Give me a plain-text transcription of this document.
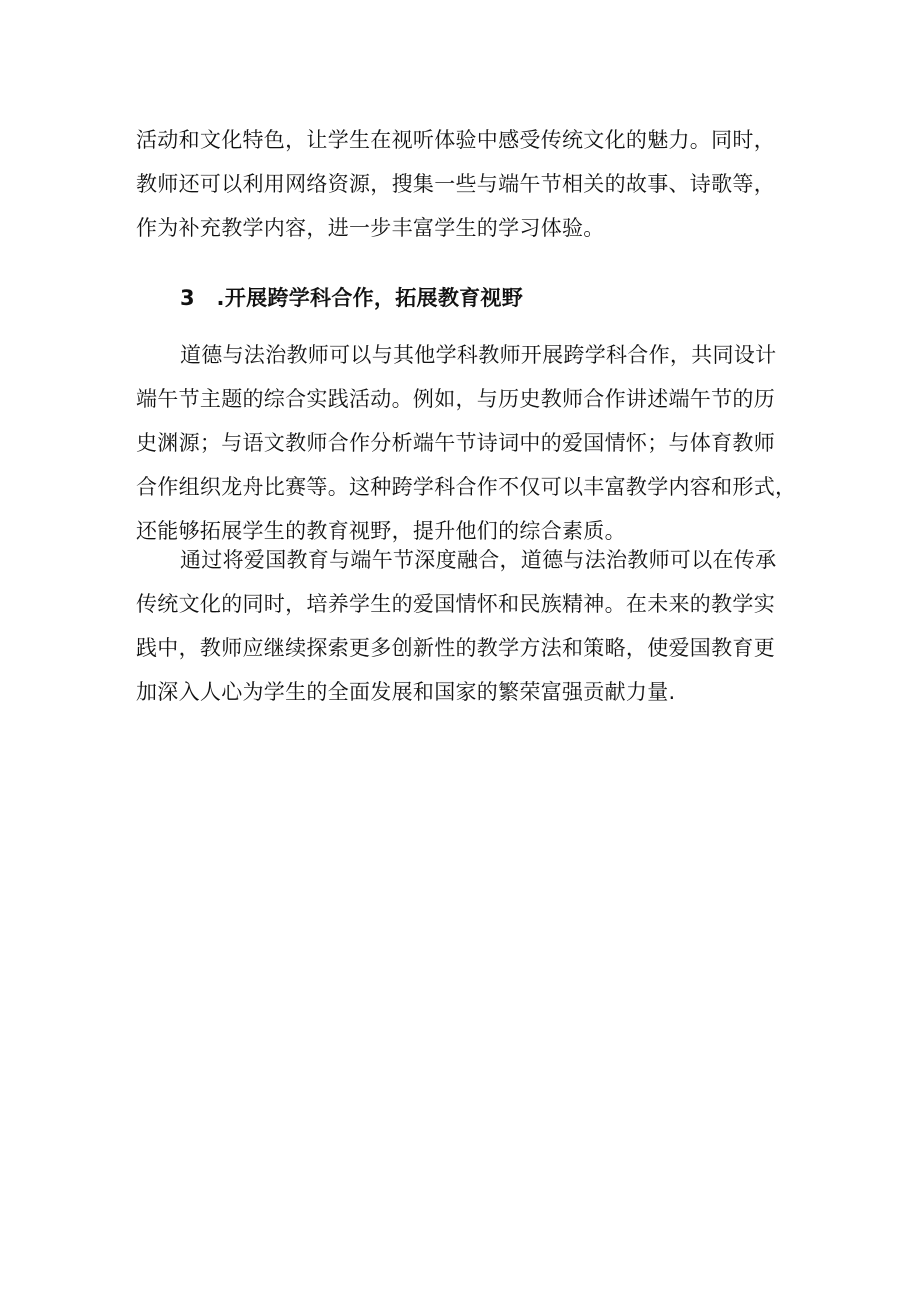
活动和文化特色，让学生在视听体验中感受传统文化的魅力。同时，
教师还可以利用网络资源，搜集一些与端午节相关的故事、诗歌等，
作为补充教学内容，进一步丰富学生的学习体验。
3 .开展跨学科合作，拓展教育视野
道德与法治教师可以与其他学科教师开展跨学科合作，共同设计
端午节主题的综合实践活动。例如，与历史教师合作讲述端午节的历
史渊源；与语文教师合作分析端午节诗词中的爱国情怀；与体育教师
合作组织龙舟比赛等。这种跨学科合作不仅可以丰富教学内容和形式，
还能够拓展学生的教育视野，提升他们的综合素质。
通过将爱国教育与端午节深度融合，道德与法治教师可以在传承
传统文化的同时，培养学生的爱国情怀和民族精神。在未来的教学实
践中，教师应继续探索更多创新性的教学方法和策略，使爱国教育更
加深入人心为学生的全面发展和国家的繁荣富强贡献力量.
